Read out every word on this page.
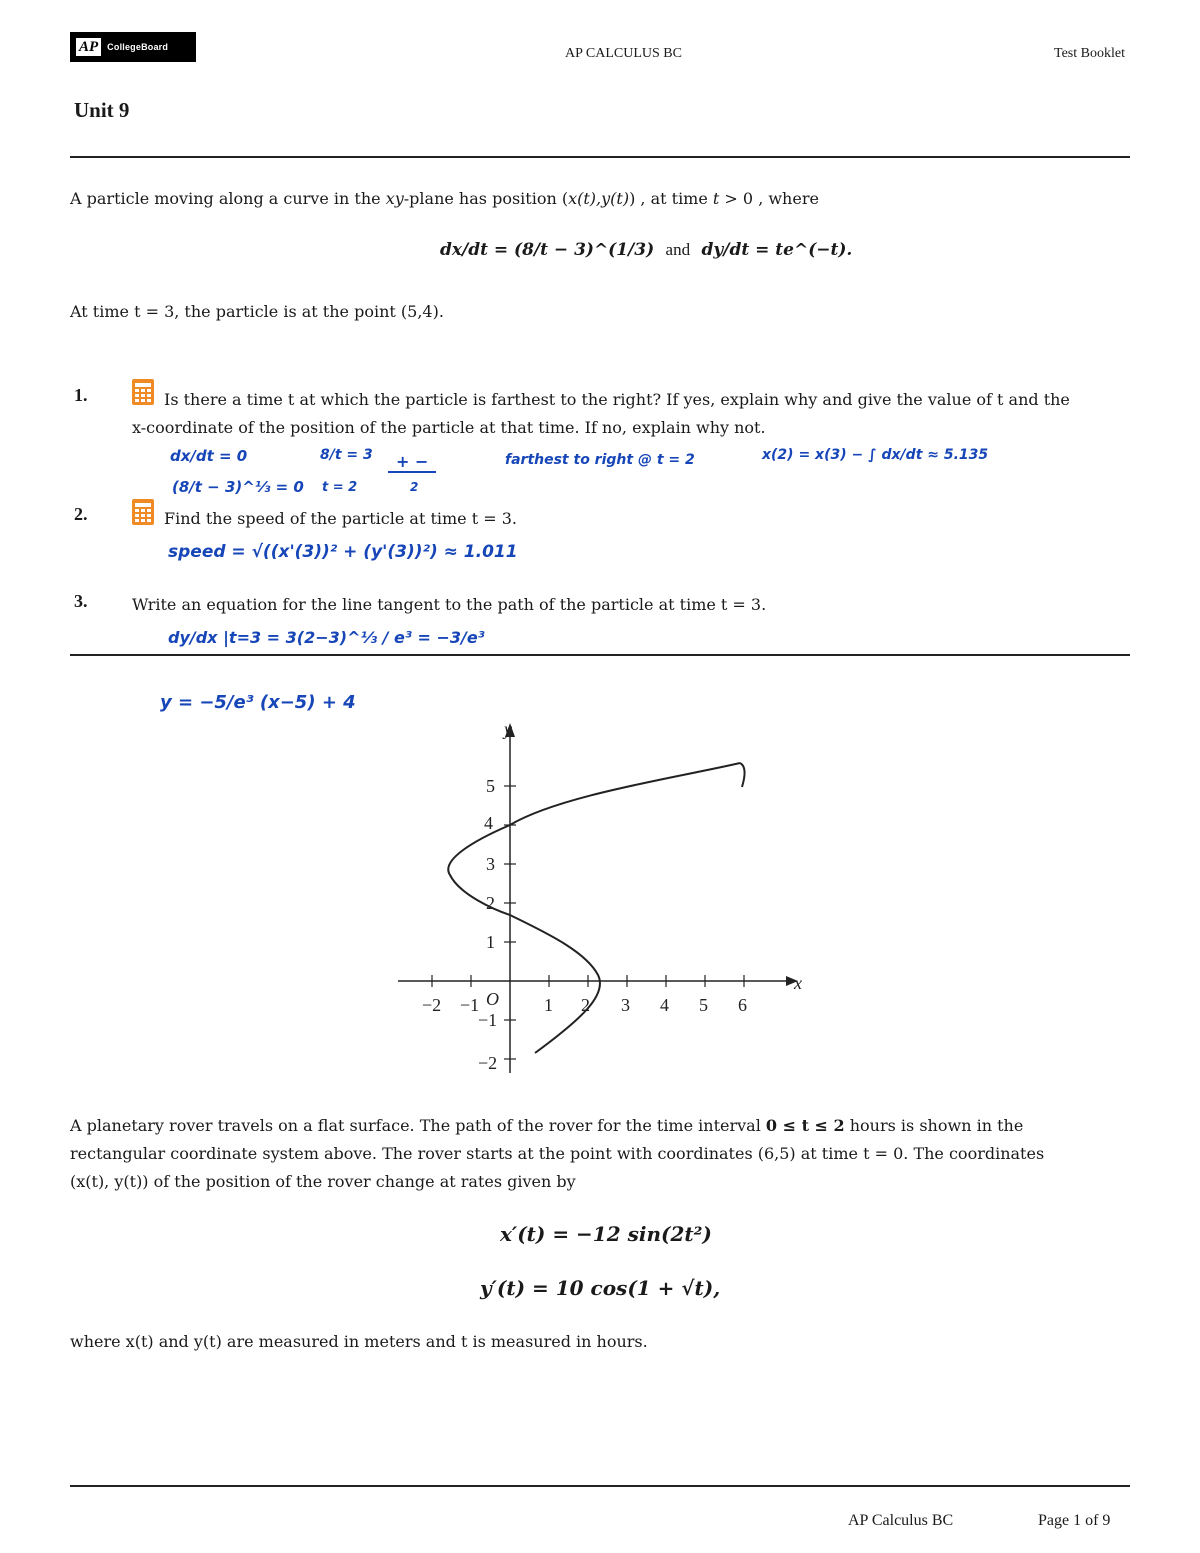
AP	CollegeBoard	AP CALCULUS BC	Test Booklet
Unit 9
A particle moving along a curve in the xy-plane has position (x(t),y(t)) , at time t > 0 , where
dx/dt = (8/t − 3)^(1/3) and dy/dt = te^(−t).
At time t = 3, the particle is at the point (5,4).
1.	Is there a time t at which the particle is farthest to the right? If yes, explain why and give the value of t and the
x-coordinate of the position of the particle at that time. If no, explain why not.
dx/dt = 0
(8/t − 3)^⅓ = 0
8/t = 3
t = 2
+ −
2
farthest to right @ t = 2	x(2) = x(3) − ∫ dx/dt ≈ 5.135
2.	Find the speed of the particle at time t = 3.
speed = √((x'(3))² + (y'(3))²) ≈ 1.011
3.	Write an equation for the line tangent to the path of the particle at time t = 3.
dy/dx |t=3 = 3(2−3)^⅓ / e³ = −3/e³
y = −5/e³ (x−5) + 4
x
y
O
−2 −1	1 2 3 4 5 6
5
4
3
2
1
−1
−2
A planetary rover travels on a flat surface. The path of the rover for the time interval 0 ≤ t ≤ 2 hours is shown in the
rectangular coordinate system above. The rover starts at the point with coordinates (6,5) at time t = 0. The coordinates
(x(t), y(t)) of the position of the rover change at rates given by
x′(t) = −12 sin(2t²)
y′(t) = 10 cos(1 + √t),
where x(t) and y(t) are measured in meters and t is measured in hours.
AP Calculus BC	Page 1 of 9
